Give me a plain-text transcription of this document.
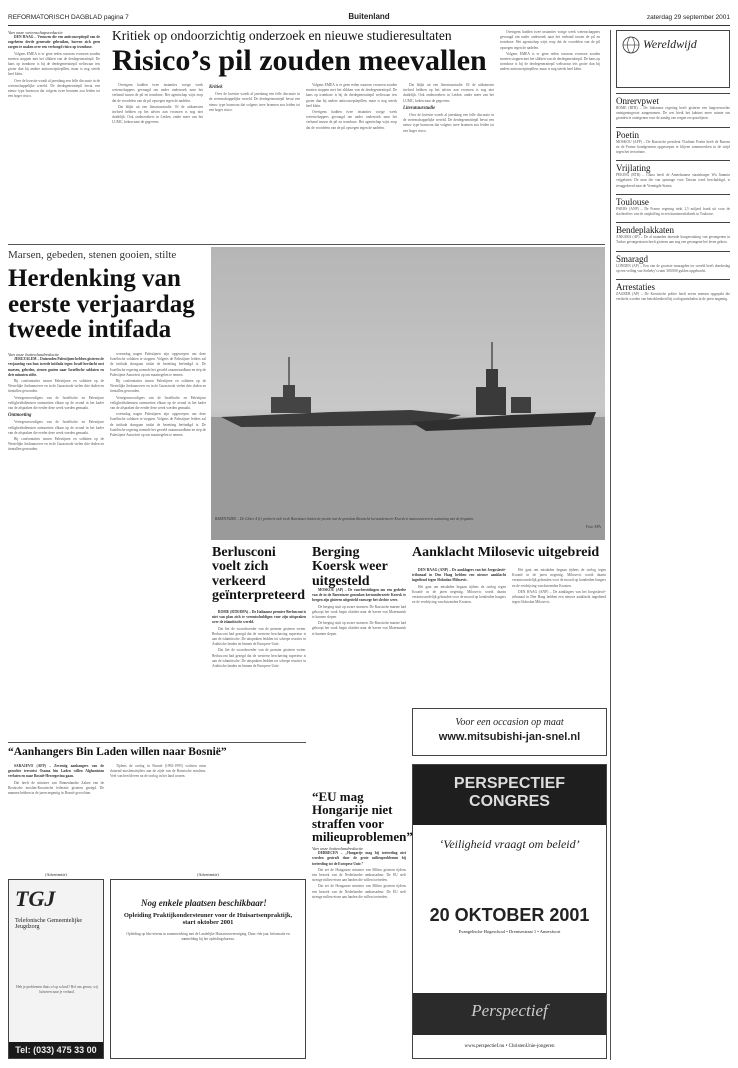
REFORMATORISCH DAGBLAD pagina 7	Buitenland	zaterdag 29 september 2001
Van onze wetenschapsredactie

DEN HAAG – Vrouwen die een anticonceptiepil van de zogeheten derde generatie gebruiken, hoeven zich geen zorgen te maken over een verhoogd risico op trombose.

Volgens EMEA is er geen reden waarom vrouwen zouden moeten stoppen met het slikken van de derdegeneratiepil. De kans op trombose is bij de derdegeneratiepil weliswaar iets groter dan bij andere anticonceptiepillen, maar is nog steeds heel klein.

Over de kwestie woedt al jarenlang een felle discussie in de wetenschappelijke wereld. De derdegeneratiepil bevat een nieuw type hormoon dat volgens twee bronnen zou leiden tot een hoger risico.

Kritiek op ondoorzichtig onderzoek en nieuwe studieresultaten
Risico’s pil zouden meevallen

Overigens hadden twee instanties vorige week wetenschappers gevraagd om nader onderzoek naar het verband tussen de pil en trombose. Het agentschap wijst erop dat de voordelen van de pil opwegen tegen de nadelen.

Dat blijkt uit een literatuurstudie. Of de uitkomsten invloed hebben op het advies aan vrouwen is nog niet duidelijk. Ook onderzoekers in Leiden, onder meer van het LUMC, keken naar de gegevens.

Kritiek

Over de kwestie woedt al jarenlang een felle discussie in de wetenschappelijke wereld. De derdegeneratiepil bevat een nieuw type hormoon dat volgens twee bronnen zou leiden tot een hoger risico.

Volgens EMEA is er geen reden waarom vrouwen zouden moeten stoppen met het slikken van de derdegeneratiepil. De kans op trombose is bij de derdegeneratiepil weliswaar iets groter dan bij andere anticonceptiepillen, maar is nog steeds heel klein.

Overigens hadden twee instanties vorige week wetenschappers gevraagd om nader onderzoek naar het verband tussen de pil en trombose. Het agentschap wijst erop dat de voordelen van de pil opwegen tegen de nadelen.

Dat blijkt uit een literatuurstudie. Of de uitkomsten invloed hebben op het advies aan vrouwen is nog niet duidelijk. Ook onderzoekers in Leiden, onder meer van het LUMC, keken naar de gegevens.

Literatuurstudie

Over de kwestie woedt al jarenlang een felle discussie in de wetenschappelijke wereld. De derdegeneratiepil bevat een nieuw type hormoon dat volgens twee bronnen zou leiden tot een hoger risico.

Overigens hadden twee instanties vorige week wetenschappers gevraagd om nader onderzoek naar het verband tussen de pil en trombose. Het agentschap wijst erop dat de voordelen van de pil opwegen tegen de nadelen.

Volgens EMEA is er geen reden waarom vrouwen zouden moeten stoppen met het slikken van de derdegeneratiepil. De kans op trombose is bij de derdegeneratiepil weliswaar iets groter dan bij andere anticonceptiepillen, maar is nog steeds heel klein.

Wereldwijd
Onrervpwet
ROME (RTR) – De Italiaanse regering heeft gisteren een langverwachte onteigeningswet aangenomen. De wet biedt het kabinet meer ruimte om gronden te onteigenen voor de aanleg van wegen en spoorlijnen.
Poetin
MOSKOU (AFP) – De Russische president Vladimir Poetin heeft de Russen en de Franse bondgenoten opgeroepen te blijven samenwerken in de strijd tegen het terrorisme.
Vrijlating
PEKING (RTR) – China heeft de Amerikaanse staatsburger Wu Jianmin vrijgelaten. De man die van spionage voor Taiwan werd beschuldigd, is teruggekeerd naar de Verenigde Staten.
Toulouse
PARIJS (ANP) – De Franse regering trekt 1,5 miljard frank uit voor de slachtoffers van de ontploffing in een kunstmestfabriek in Toulouse.
Bendeplakkaten
ANKARA (AP) – De al maanden durende hongerstaking van gevangenen in Turkse gevangenissen heeft gisteren aan nog een gevangene het leven gekost.
Smaragd
LONDEN (AP) – Een van de grootste smaragden ter wereld heeft donderdag op een veiling van Sotheby’s ruim 300.000 gulden opgebracht.
Arrestaties
ZAGREB (AP) – De Kroatische politie heeft zeven mensen opgepakt die verdacht worden van betrokkenheid bij oorlogsmisdaden in de jaren negentig.
Marsen, gebeden, stenen gooien, stilte
Herdenking van eerste verjaardag tweede intifada
Van onze buitenlandredactie

JERUZALEM – Duizenden Palestijnen hebben gisteren de verjaardag van hun tweede intifada tegen Israël herdacht met marsen, gebeden, stenen gooien naar Israëlische soldaten en drie minuten stilte.

Bij confrontaties tussen Palestijnen en soldaten op de Westelijke Jordaanoever en in de Gazastrook vielen drie doden en tientallen gewonden.

Vertegenwoordigers van de Israëlische en Palestijnse veiligheidsdiensten ontmoetten elkaar op de avond in het kader van de afspraken die eerder deze week werden gemaakt.

Ontmoeting

Vertegenwoordigers van de Israëlische en Palestijnse veiligheidsdiensten ontmoetten elkaar op de avond in het kader van de afspraken die eerder deze week werden gemaakt.

Bij confrontaties tussen Palestijnen en soldaten op de Westelijke Jordaanoever en in de Gazastrook vielen drie doden en tientallen gewonden.

woensdag nagen Palestijnen zijn opgeroepen om deze Israëlische soldaten te stoppen. Volgens de Palestijnse leiders zal de intifada doorgaan totdat de bezetting beëindigd is. De Israëlische regering noemde het geweld onaanvaardbaar en riep de Palestijnse Autoriteit op om maatregelen te nemen.

Bij confrontaties tussen Palestijnen en soldaten op de Westelijke Jordaanoever en in de Gazastrook vielen drie doden en tientallen gewonden.

Vertegenwoordigers van de Israëlische en Palestijnse veiligheidsdiensten ontmoetten elkaar op de avond in het kader van de afspraken die eerder deze week werden gemaakt.

woensdag nagen Palestijnen zijn opgeroepen om deze Israëlische soldaten te stoppen. Volgens de Palestijnse leiders zal de intifada doorgaan totdat de bezetting beëindigd is. De Israëlische regering noemde het geweld onaanvaardbaar en riep de Palestijnse Autoriteit op om maatregelen te nemen.

BARENTSZEE – De Gloire 4 (l.) probeert zich in de Barentszee buiten de positie van de grondam Russische kernonderzeeër Koersk te manoeuvreren in aanvaring met de fregatten.
Foto: EPA
Berlusconi voelt zich verkeerd geïnterpreteerd

ROME (RTR/DPA) – De Italiaanse premier Berlusconi is niet van plan zich te verontschuldigen voor zijn uitspraken over de islamitische wereld.

Dat liet de woordvoerder van de premier gisteren weten. Berlusconi had gezegd dat de westerse beschaving superieur is aan de islamitische. De uitspraken leidden tot scherpe reacties in Arabische landen en binnen de Europese Unie.

Dat liet de woordvoerder van de premier gisteren weten. Berlusconi had gezegd dat de westerse beschaving superieur is aan de islamitische. De uitspraken leidden tot scherpe reacties in Arabische landen en binnen de Europese Unie.

Berging Koersk weer uitgesteld

MOSKOU (AP) – De voorbereidingen om een gedeelte van de in de Barentszee gezonken kernonderzeeër Koersk te bergen zijn gisteren uitgesteld vanwege het slechte weer.

De berging stuit op zware stormen. De Russische marine had gehoopt het wrak begin oktober naar de haven van Moermansk te kunnen slepen.

De berging stuit op zware stormen. De Russische marine had gehoopt het wrak begin oktober naar de haven van Moermansk te kunnen slepen.

Aanklacht Milosevic uitgebreid

DEN HAAG (ANP) – De aanklagers van het Joegoslavië-tribunaal in Den Haag hebben een nieuwe aanklacht ingediend tegen Slobodan Milosevic.

Het gaat om misdaden begaan tijdens de oorlog tegen Kroatië in de jaren negentig. Milosevic wordt daarin verantwoordelijk gehouden voor de moord op honderden burgers en de verdrijving van duizenden Kroaten.

Het gaat om misdaden begaan tijdens de oorlog tegen Kroatië in de jaren negentig. Milosevic wordt daarin verantwoordelijk gehouden voor de moord op honderden burgers en de verdrijving van duizenden Kroaten.

DEN HAAG (ANP) – De aanklagers van het Joegoslavië-tribunaal in Den Haag hebben een nieuwe aanklacht ingediend tegen Slobodan Milosevic.

Voor een occasion op maat
www.mitsubishi-jan-snel.nl
PERSPECTIEF CONGRES
‘Veiligheid vraagt om beleid’
20 OKTOBER 2001
Evangelische Hogeschool • Drentsestraat 1 • Amersfoort
Perspectief
www.perspectief.nu • ChristenUnie-jongeren
“EU mag Hongarije niet straffen voor milieuproblemen”
Van onze buitenlandredactie

DEBRECEN – „Hongarije mag bij toetreding niet worden gestraft door de grote milieuproblemen bij toetreding tot de Europese Unie.”

Dat zei de Hongaarse minister van Milieu gisteren tijdens een bezoek van de Nederlandse ambassadeur. De EU stelt strenge milieu-eisen aan landen die willen toetreden.

Dat zei de Hongaarse minister van Milieu gisteren tijdens een bezoek van de Nederlandse ambassadeur. De EU stelt strenge milieu-eisen aan landen die willen toetreden.

“Aanhangers Bin Laden willen naar Bosnië”

SARAJEVO (AFP) – Zeventig aanhangers van de gezochte terrorist Osama bin Laden willen Afghanistan verlaten en naar Bosnië-Herzegovina gaan.

Dat heeft de minister van Binnenlandse Zaken van de Bosnische moslim-Kroatische federatie gisteren gezegd. De mannen hebben in de jaren negentig in Bosnië gevochten.

Tijdens de oorlog in Bosnië (1992-1995) vochten ruim duizend moslimstrijders aan de zijde van de Bosnische moslims. Veel van hen bleven na de oorlog in het land wonen.

(Advertentie)
TGJ
Telefonische Gemeentelijke Jeugdzorg
Heb je problemen thuis of op school? Bel ons gerust, wij luisteren naar je verhaal.
Tel: (033) 475 33 00
(Advertentie)
Nog enkele plaatsen beschikbaar!
Opleiding Praktijkondersteuner voor de Huisartsenpraktijk, start oktober 2001
Opleiding op hbo-niveau in samenwerking met de Landelijke Huisartsenvereniging. Duur: één jaar. Informatie en aanmelding bij het opleidingsbureau.
